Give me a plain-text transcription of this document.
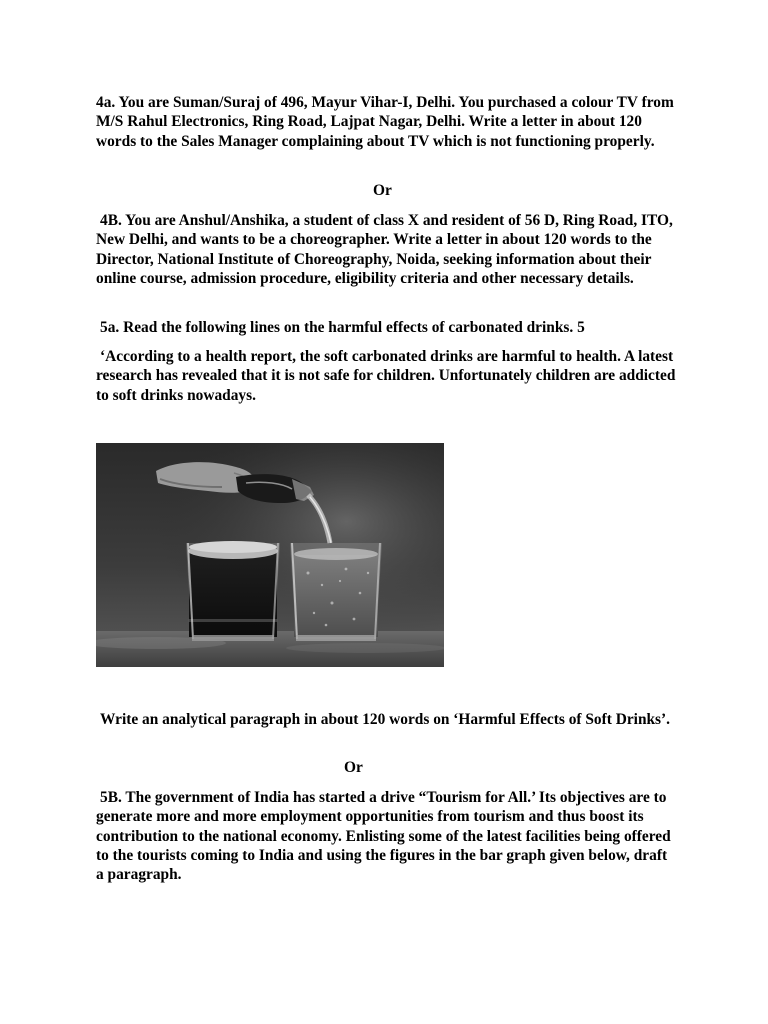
4a. You are Suman/Suraj of 496, Mayur Vihar-I, Delhi. You purchased a colour TV from M/S Rahul Electronics, Ring Road, Lajpat Nagar, Delhi. Write a letter in about 120 words to the Sales Manager complaining about TV which is not functioning properly.

Or

4B. You are Anshul/Anshika, a student of class X and resident of 56 D, Ring Road, ITO, New Delhi, and wants to be a choreographer. Write a letter in about 120 words to the Director, National Institute of Choreography, Noida, seeking information about their online course, admission procedure, eligibility criteria and other necessary details.

5a. Read the following lines on the harmful effects of carbonated drinks. 5

‘According to a health report, the soft carbonated drinks are harmful to health. A latest research has revealed that it is not safe for children. Unfortunately children are addicted to soft drinks nowadays.

Write an analytical paragraph in about 120 words on ‘Harmful Effects of Soft Drinks’.

Or

5B. The government of India has started a drive “Tourism for All.’ Its objectives are to generate more and more employment opportunities from tourism and thus boost its contribution to the national economy. Enlisting some of the latest facilities being offered to the tourists coming to India and using the figures in the bar graph given below, draft a paragraph.
